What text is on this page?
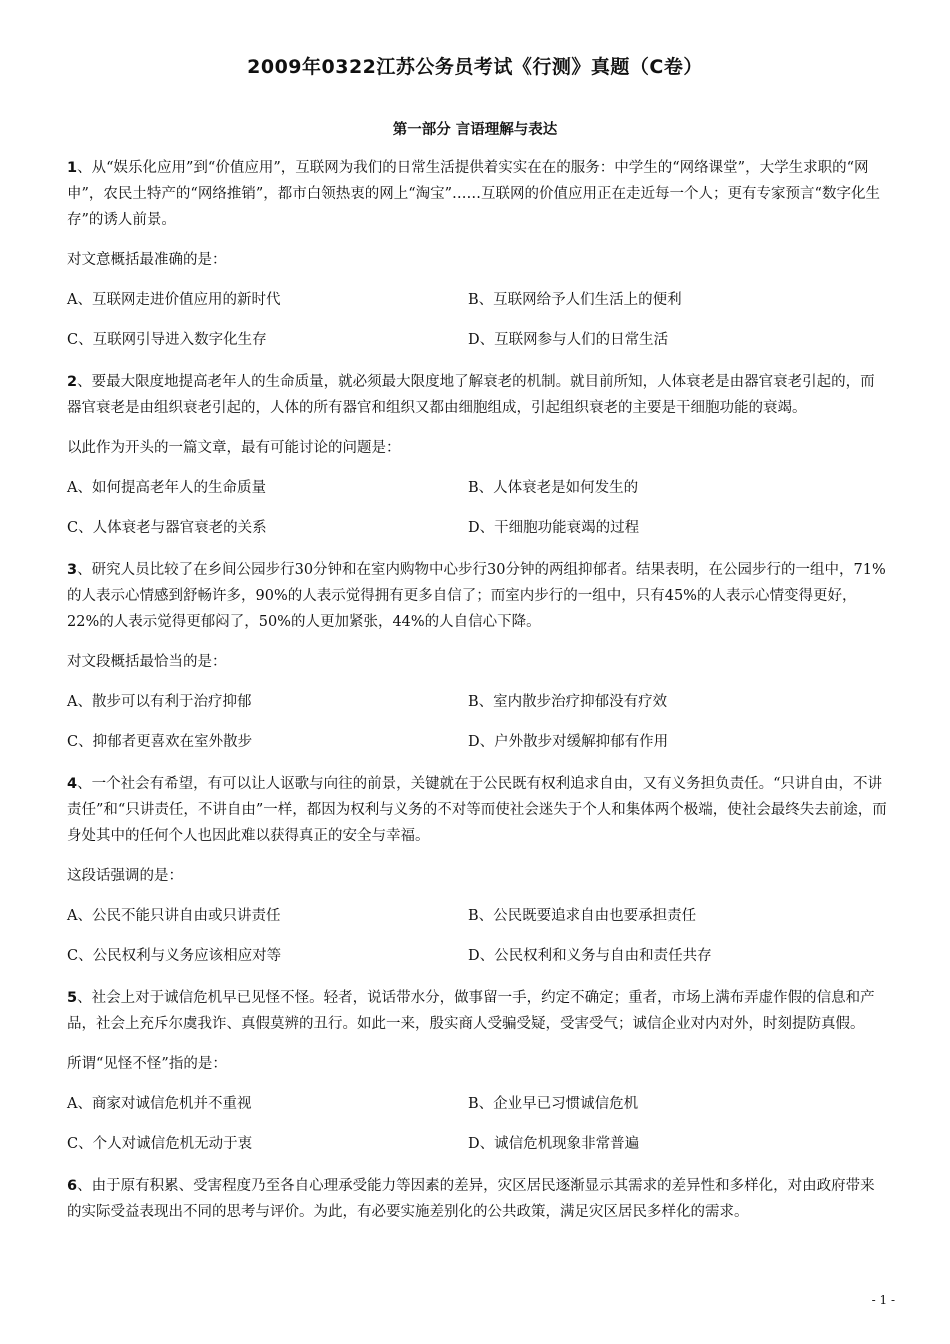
2009年0322江苏公务员考试《行测》真题（C卷）
第一部分 言语理解与表达

1、从“娱乐化应用”到“价值应用”，互联网为我们的日常生活提供着实实在在的服务：中学生的“网络课堂”，大学生求职的“网申”，农民土特产的“网络推销”，都市白领热衷的网上“淘宝”……互联网的价值应用正在走近每一个人；更有专家预言“数字化生存”的诱人前景。

对文意概括最准确的是：

A、互联网走进价值应用的新时代	B、互联网给予人们生活上的便利
C、互联网引导进入数字化生存	D、互联网参与人们的日常生活

2、要最大限度地提高老年人的生命质量，就必须最大限度地了解衰老的机制。就目前所知，人体衰老是由器官衰老引起的，而器官衰老是由组织衰老引起的，人体的所有器官和组织又都由细胞组成，引起组织衰老的主要是干细胞功能的衰竭。

以此作为开头的一篇文章，最有可能讨论的问题是：

A、如何提高老年人的生命质量	B、人体衰老是如何发生的
C、人体衰老与器官衰老的关系	D、干细胞功能衰竭的过程

3、研究人员比较了在乡间公园步行30分钟和在室内购物中心步行30分钟的两组抑郁者。结果表明，在公园步行的一组中，71%的人表示心情感到舒畅许多，90%的人表示觉得拥有更多自信了；而室内步行的一组中，只有45%的人表示心情变得更好，22%的人表示觉得更郁闷了，50%的人更加紧张，44%的人自信心下降。

对文段概括最恰当的是：

A、散步可以有利于治疗抑郁	B、室内散步治疗抑郁没有疗效
C、抑郁者更喜欢在室外散步	D、户外散步对缓解抑郁有作用

4、一个社会有希望，有可以让人讴歌与向往的前景，关键就在于公民既有权利追求自由，又有义务担负责任。“只讲自由，不讲责任”和“只讲责任，不讲自由”一样，都因为权利与义务的不对等而使社会迷失于个人和集体两个极端，使社会最终失去前途，而身处其中的任何个人也因此难以获得真正的安全与幸福。

这段话强调的是：

A、公民不能只讲自由或只讲责任	B、公民既要追求自由也要承担责任
C、公民权利与义务应该相应对等	D、公民权利和义务与自由和责任共存

5、社会上对于诚信危机早已见怪不怪。轻者，说话带水分，做事留一手，约定不确定；重者，市场上满布弄虚作假的信息和产品，社会上充斥尔虞我诈、真假莫辨的丑行。如此一来，殷实商人受骗受疑，受害受气；诚信企业对内对外，时刻提防真假。

所谓“见怪不怪”指的是：

A、商家对诚信危机并不重视	B、企业早已习惯诚信危机
C、个人对诚信危机无动于衷	D、诚信危机现象非常普遍

6、由于原有积累、受害程度乃至各自心理承受能力等因素的差异，灾区居民逐渐显示其需求的差异性和多样化，对由政府带来的实际受益表现出不同的思考与评价。为此，有必要实施差别化的公共政策，满足灾区居民多样化的需求。

- 1 -
